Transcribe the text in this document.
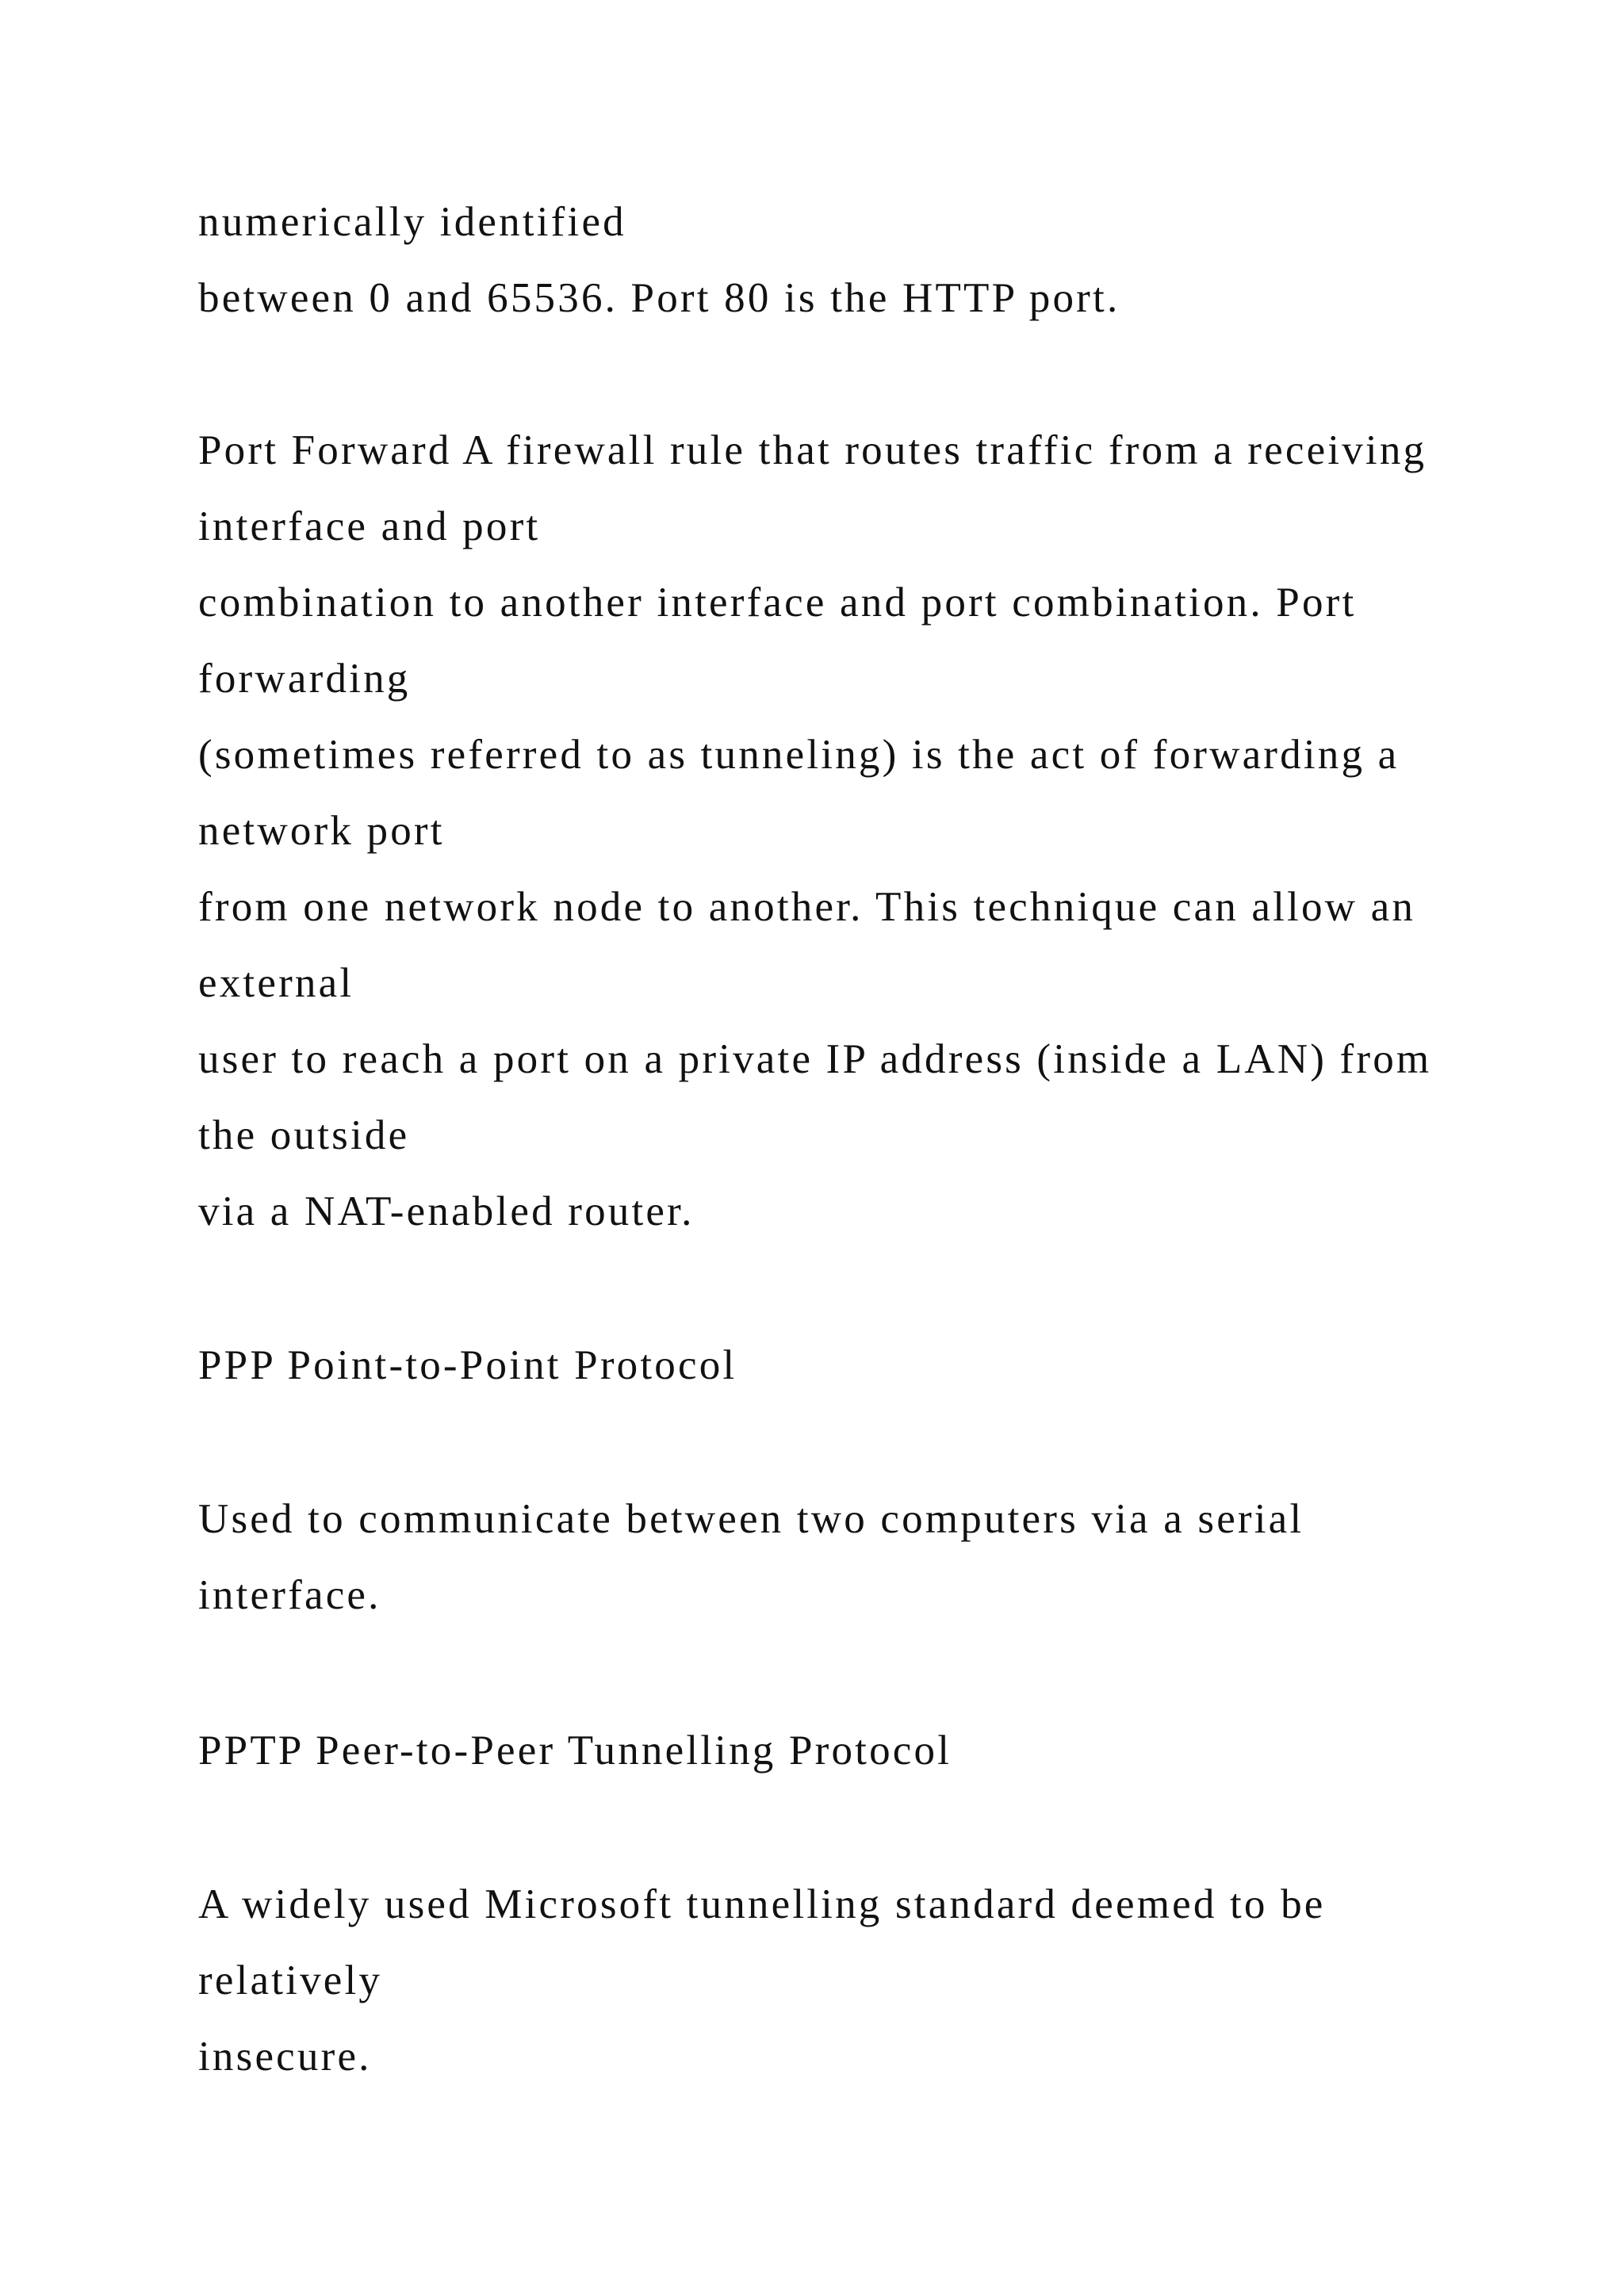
numerically identified
between 0 and 65536. Port 80 is the HTTP port.
Port Forward A firewall rule that routes traffic from a receiving
interface and port
combination to another interface and port combination. Port
forwarding
(sometimes referred to as tunneling) is the act of forwarding a
network port
from one network node to another. This technique can allow an
external
user to reach a port on a private IP address (inside a LAN) from
the outside
via a NAT-enabled router.
PPP Point-to-Point Protocol
Used to communicate between two computers via a serial
interface.
PPTP Peer-to-Peer Tunnelling Protocol
A widely used Microsoft tunnelling standard deemed to be
relatively
insecure.
